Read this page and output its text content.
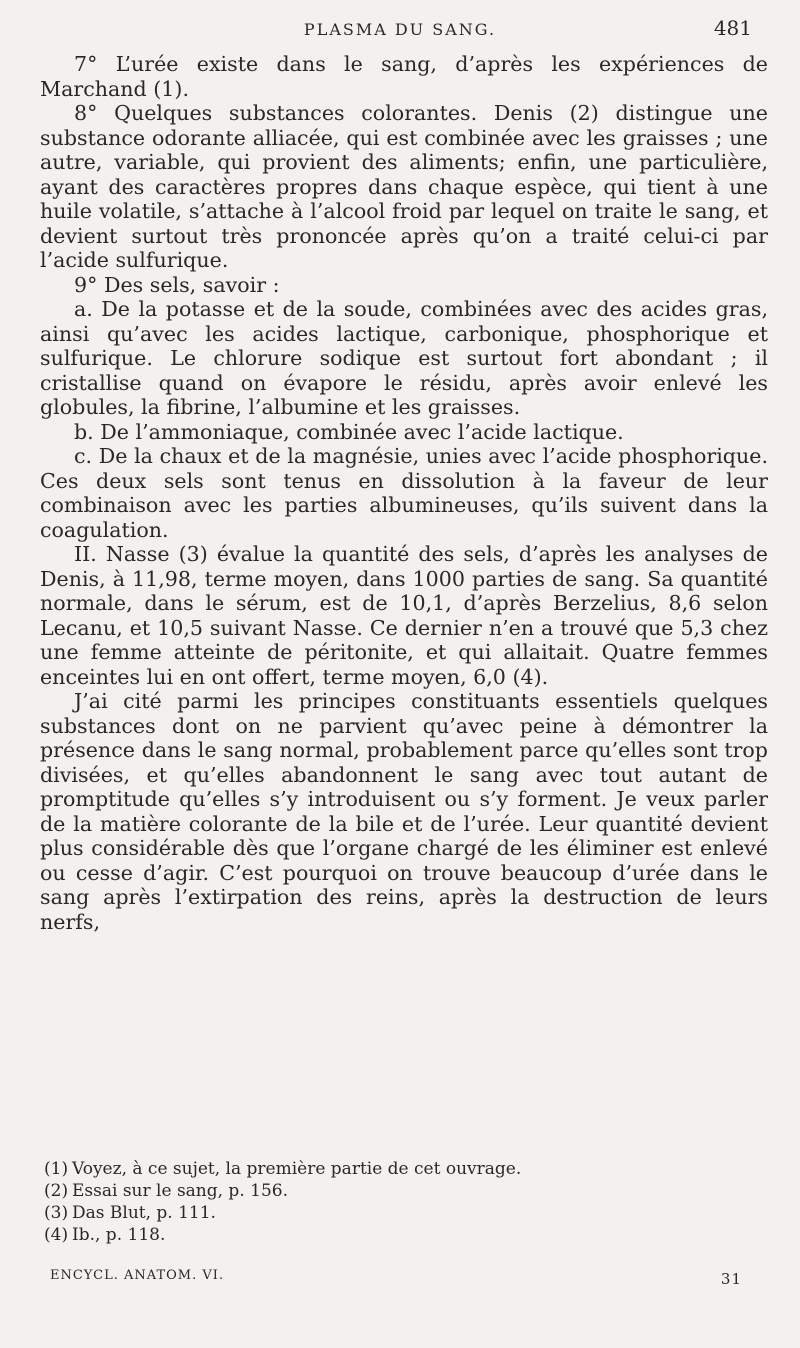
PLASMA DU SANG.	481

7° L’urée existe dans le sang, d’après les expériences de Marchand (1).

8° Quelques substances colorantes. Denis (2) distingue une substance odorante alliacée, qui est combinée avec les graisses ; une autre, variable, qui provient des aliments; enfin, une particulière, ayant des caractères propres dans chaque espèce, qui tient à une huile volatile, s’attache à l’alcool froid par lequel on traite le sang, et devient surtout très prononcée après qu’on a traité celui-ci par l’acide sulfurique.

9° Des sels, savoir :

a. De la potasse et de la soude, combinées avec des acides gras, ainsi qu’avec les acides lactique, carbonique, phosphorique et sulfurique. Le chlorure sodique est surtout fort abondant ; il cristallise quand on évapore le résidu, après avoir enlevé les globules, la fibrine, l’albumine et les graisses.

b. De l’ammoniaque, combinée avec l’acide lactique.

c. De la chaux et de la magnésie, unies avec l’acide phosphorique. Ces deux sels sont tenus en dissolution à la faveur de leur combinaison avec les parties albumineuses, qu’ils suivent dans la coagulation.

II. Nasse (3) évalue la quantité des sels, d’après les analyses de Denis, à 11,98, terme moyen, dans 1000 parties de sang. Sa quantité normale, dans le sérum, est de 10,1, d’après Berzelius, 8,6 selon Lecanu, et 10,5 suivant Nasse. Ce dernier n’en a trouvé que 5,3 chez une femme atteinte de péritonite, et qui allaitait. Quatre femmes enceintes lui en ont offert, terme moyen, 6,0 (4).

J’ai cité parmi les principes constituants essentiels quelques substances dont on ne parvient qu’avec peine à démontrer la présence dans le sang normal, probablement parce qu’elles sont trop divisées, et qu’elles abandonnent le sang avec tout autant de promptitude qu’elles s’y introduisent ou s’y forment. Je veux parler de la matière colorante de la bile et de l’urée. Leur quantité devient plus considérable dès que l’organe chargé de les éliminer est enlevé ou cesse d’agir. C’est pourquoi on trouve beaucoup d’urée dans le sang après l’extirpation des reins, après la destruction de leurs nerfs,

(1) Voyez, à ce sujet, la première partie de cet ouvrage.

(2) Essai sur le sang, p. 156.

(3) Das Blut, p. 111.

(4) Ib., p. 118.

ENCYCL. ANATOM. VI.	31
